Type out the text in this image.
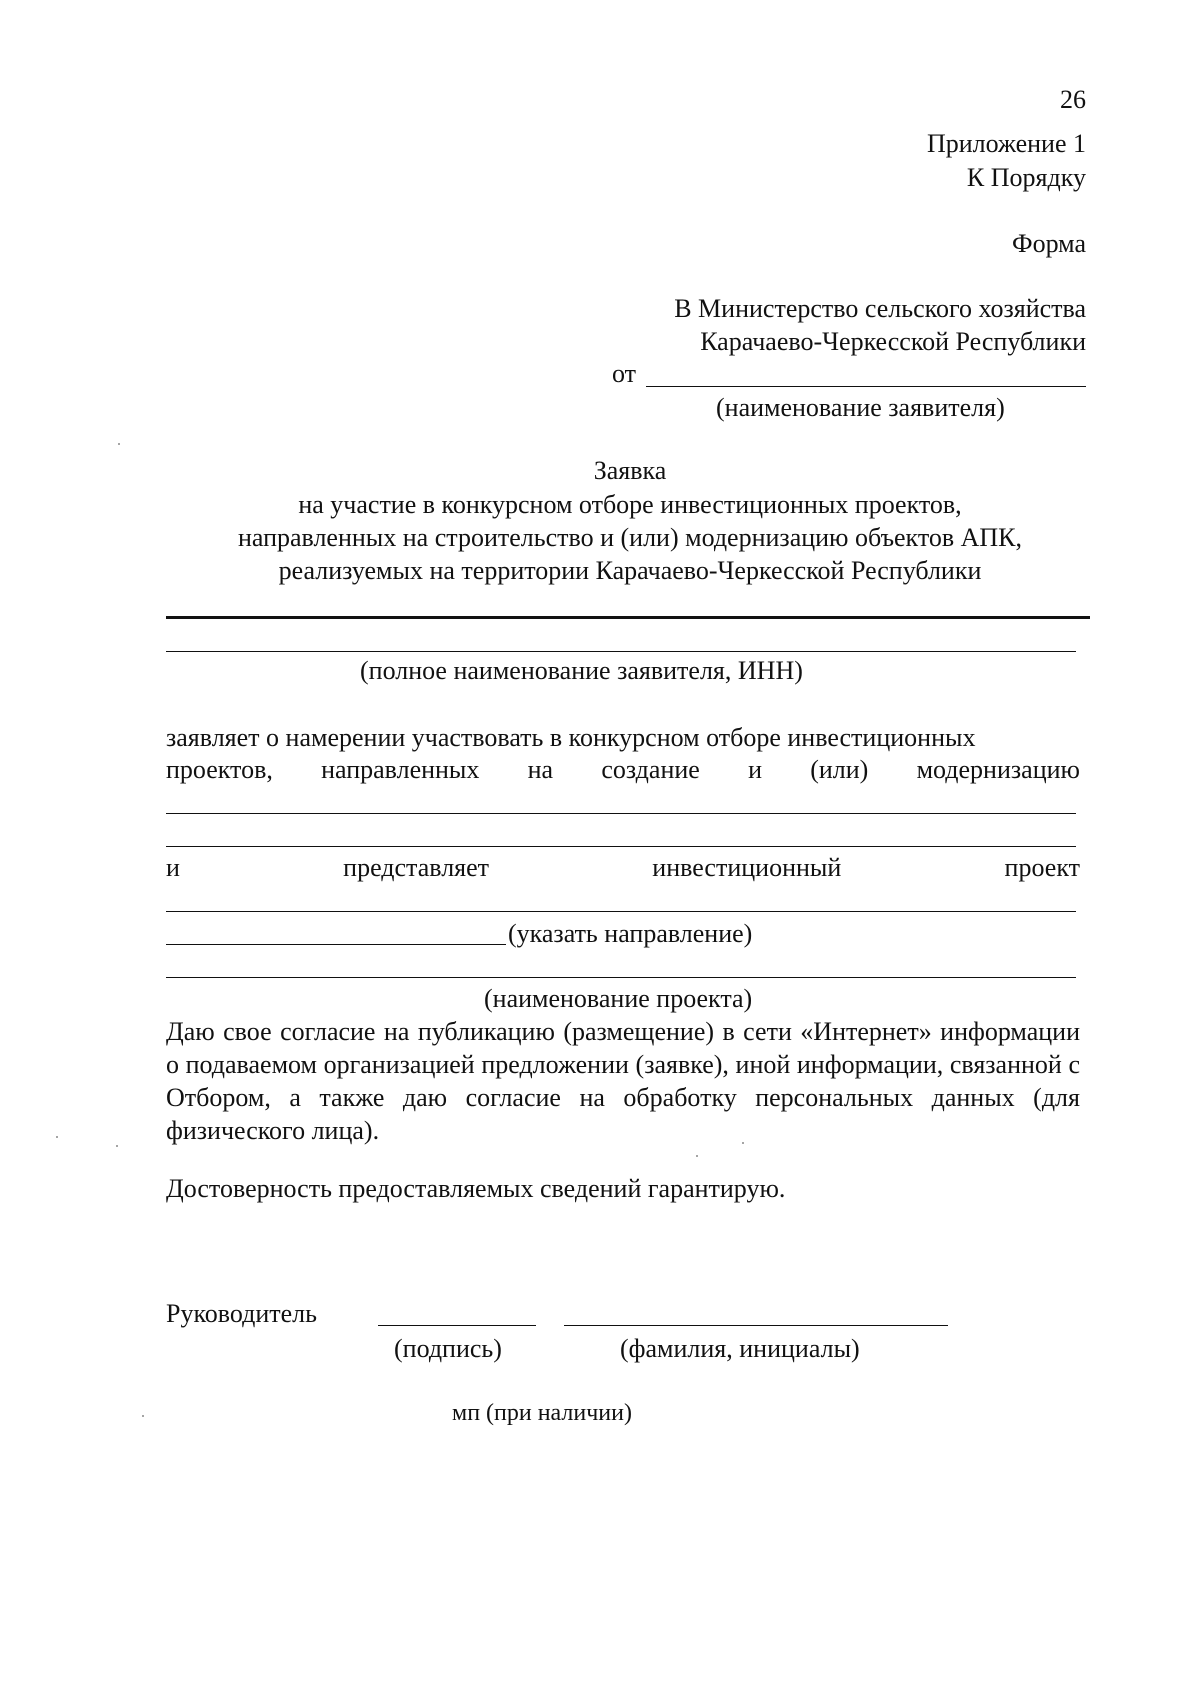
26
Приложение 1
К Порядку
Форма
В Министерство сельского хозяйства
Карачаево-Черкесской Республики
от
(наименование заявителя)
Заявка
на участие в конкурсном отборе инвестиционных проектов,
направленных на строительство и (или) модернизацию объектов АПК,
реализуемых на территории Карачаево-Черкесской Республики
(полное наименование заявителя, ИНН)
заявляет о намерении участвовать в конкурсном отборе инвестиционных
проектов, направленных на создание и (или) модернизацию
и	представляет	инвестиционный	проект
(указать направление)
(наименование проекта)
Даю свое согласие на публикацию (размещение) в сети «Интернет» информации о подаваемом организацией предложении (заявке), иной информации, связанной с Отбором, а также даю согласие на обработку персональных данных (для физического лица).
Достоверность предоставляемых сведений гарантирую.
Руководитель
(подпись)	(фамилия, инициалы)
мп (при наличии)
